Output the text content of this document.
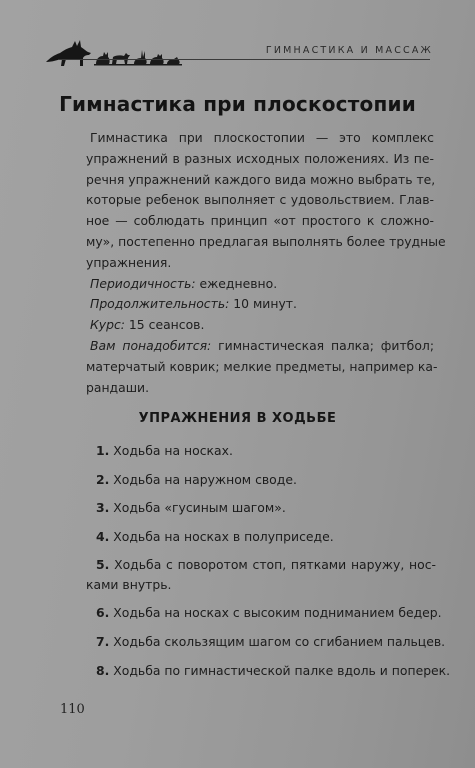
ГИМНАСТИКА И МАССАЖ
Гимнастика при плоскостопии

Гимнастика при плоскостопии — это комплекс
упражнений в разных исходных положениях. Из пе-
речня упражнений каждого вида можно выбрать те,
которые ребенок выполняет с удовольствием. Глав-
ное — соблюдать принцип «от простого к сложно-
му», постепенно предлагая выполнять более трудные
упражнения.

Периодичность: ежедневно.

Продолжительность: 10 минут.

Курс: 15 сеансов.

Вам понадобится: гимнастическая палка; фитбол;
матерчатый коврик; мелкие предметы, например ка-
рандаши.

УПРАЖНЕНИЯ В ХОДЬБЕ
1. Ходьба на носках.
2. Ходьба на наружном своде.
3. Ходьба «гусиным шагом».
4. Ходьба на носках в полуприседе.
5. Ходьба с поворотом стоп, пятками наружу, нос-
ками внутрь.
6. Ходьба на носках с высоким подниманием бедер.
7. Ходьба скользящим шагом со сгибанием пальцев.
8. Ходьба по гимнастической палке вдоль и поперек.
110
